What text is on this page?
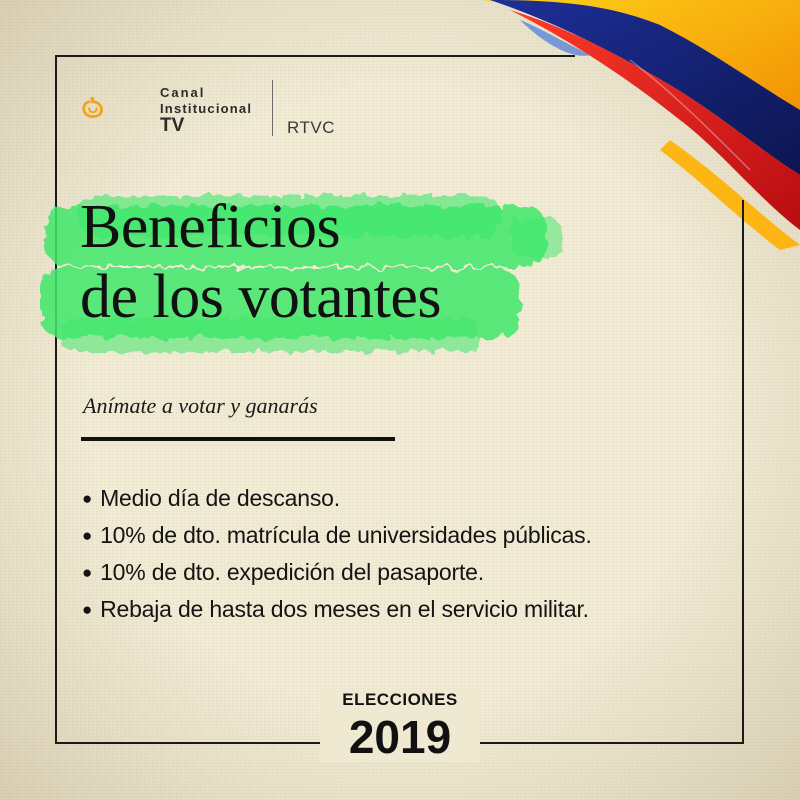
Canal
Institucional
TV	RTVC
Beneficios
de los votantes
Anímate a votar y ganarás
● Medio día de descanso.
● 10% de dto. matrícula de universidades públicas.
● 10% de dto. expedición del pasaporte.
● Rebaja de hasta dos meses en el servicio militar.
ELECCIONES
2019
